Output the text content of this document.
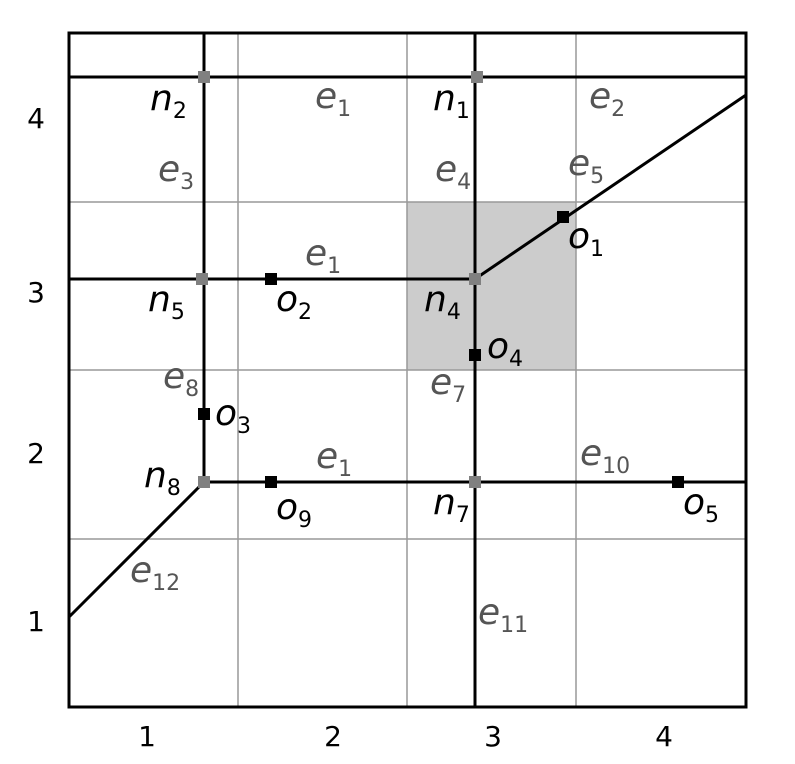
1	2	3	4
4
3
2
1
$n_1$
$n_2$
$n_4$
$n_5$
$n_7$
$n_8$
$o_1$
$o_2$
$o_3$
$o_4$
$o_5$
$o_9$
$e_1$	$e_2$
$e_3$	$e_4$	$e_5$
$e_1$
$e_8$	$e_7$
$e_1$	$e_{10}$
$e_{12}$
$e_{11}$
